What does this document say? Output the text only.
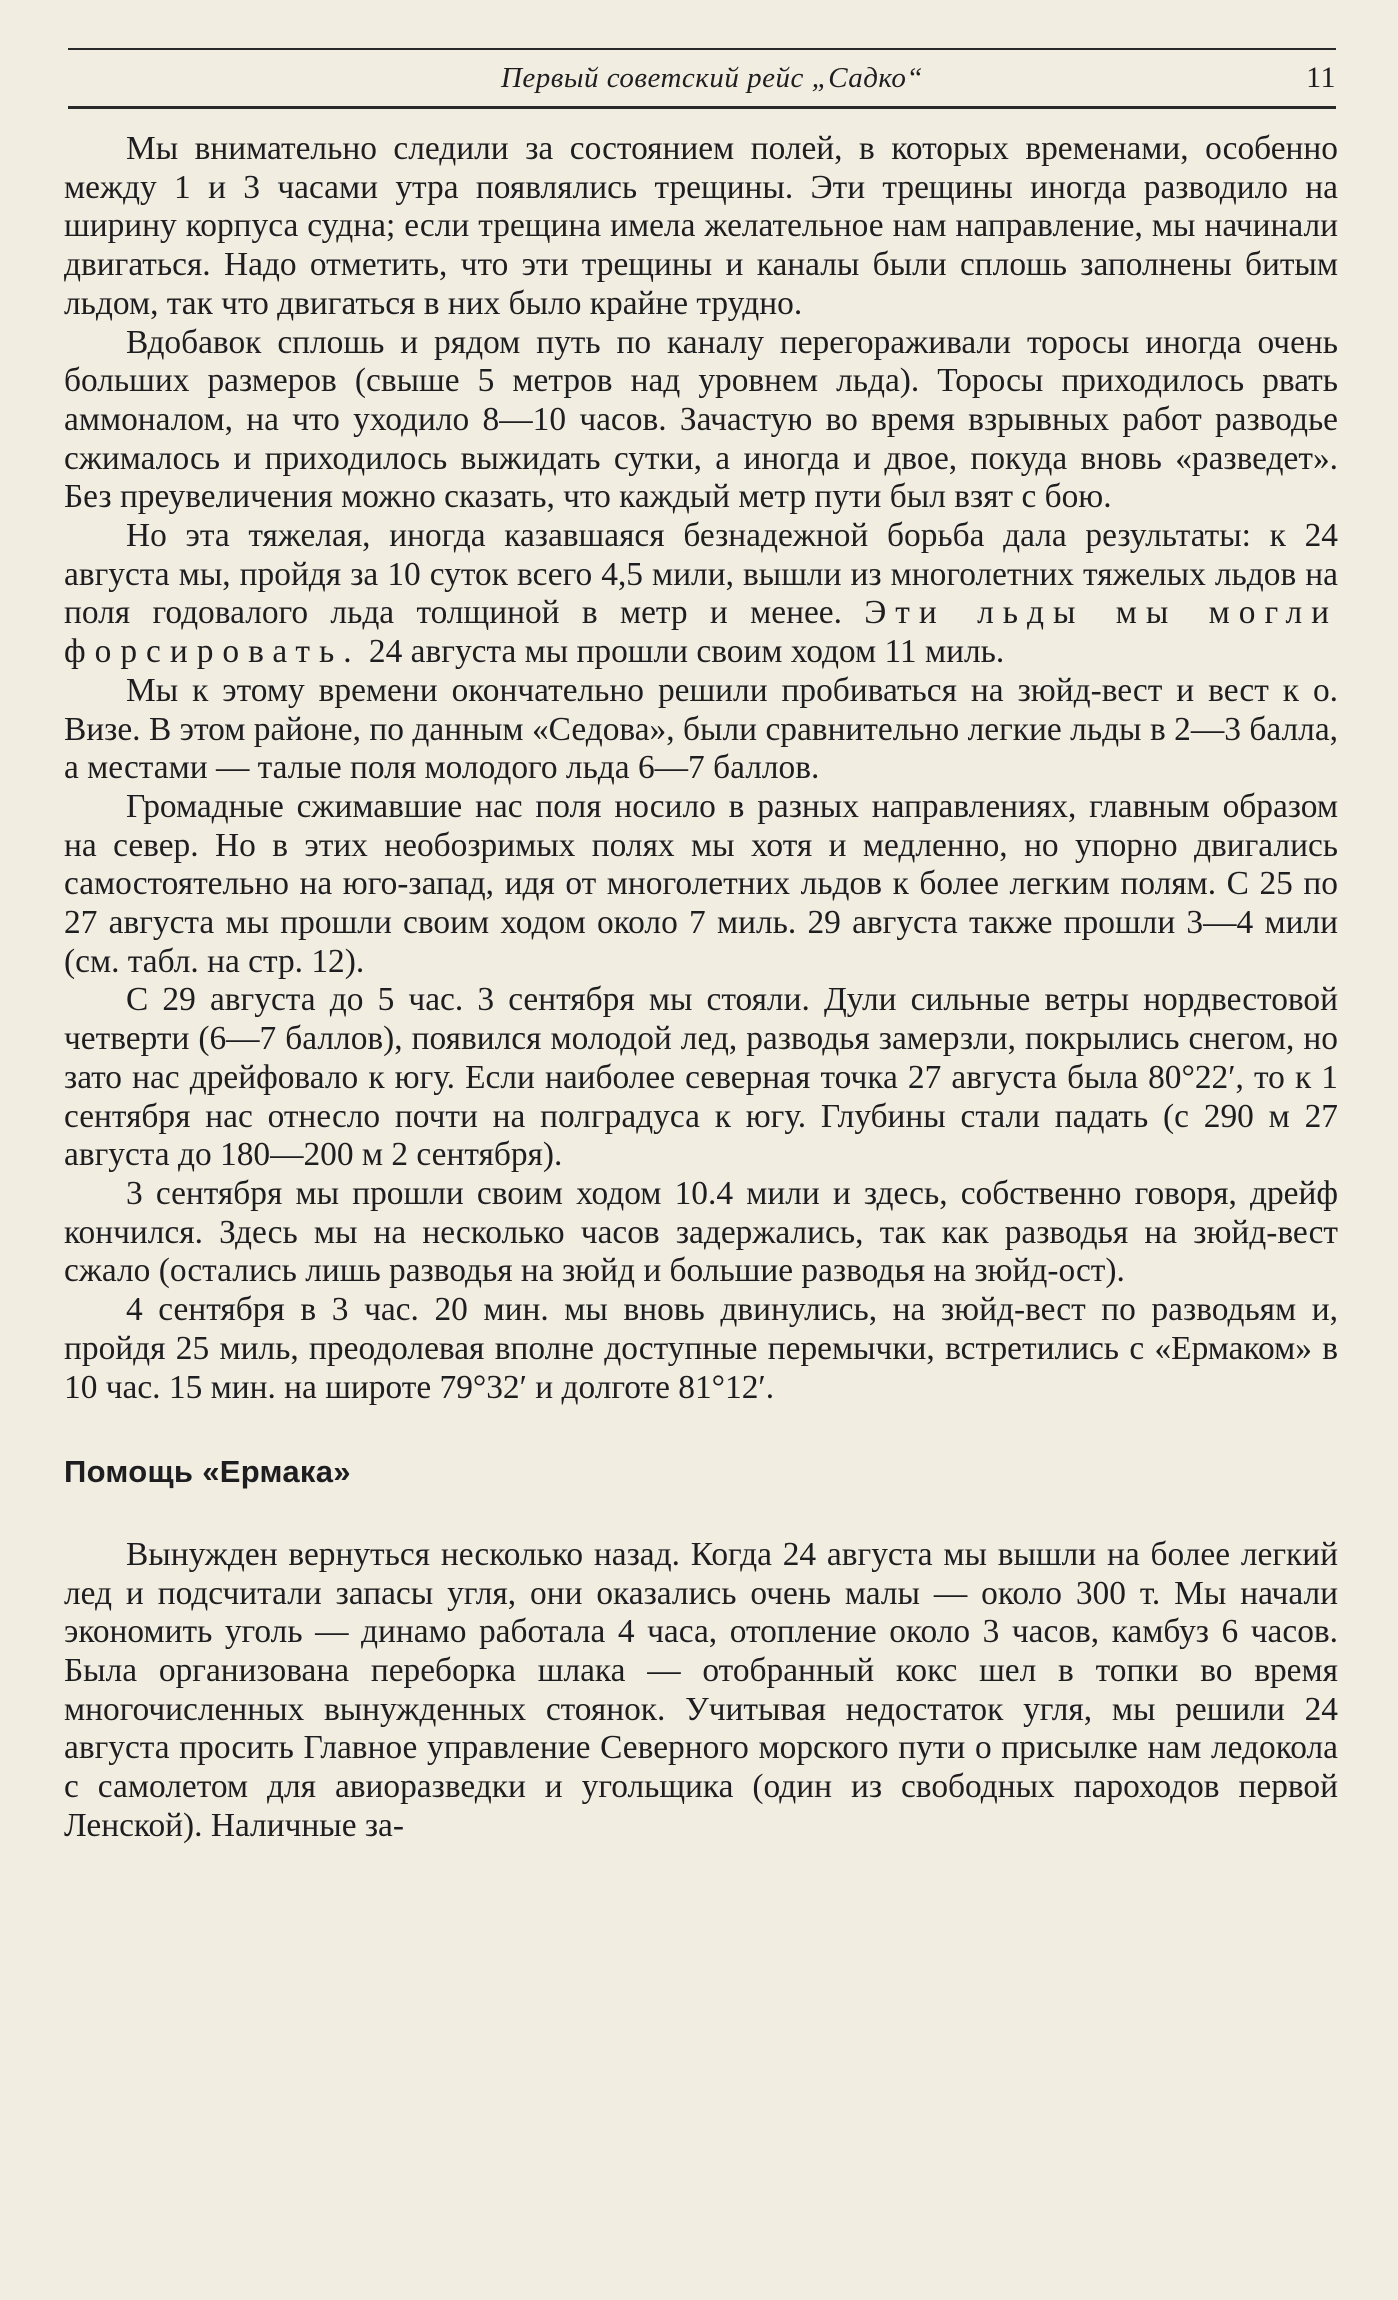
Первый советский рейс „Садко“	11

Мы внимательно следили за состоянием полей, в которых временами, особенно между 1 и 3 часами утра появлялись трещины. Эти трещины иногда разводило на ширину корпуса судна; если трещина имела желательное нам направление, мы начинали двигаться. Надо отметить, что эти трещины и каналы были сплошь заполнены битым льдом, так что двигаться в них было крайне трудно.

Вдобавок сплошь и рядом путь по каналу перегораживали торосы иногда очень больших размеров (свыше 5 метров над уровнем льда). Торосы приходилось рвать аммоналом, на что уходило 8—10 часов. Зачастую во время взрывных работ разводье сжималось и приходилось выжидать сутки, а иногда и двое, покуда вновь «разведет». Без преувеличения можно сказать, что каждый метр пути был взят с бою.

Но эта тяжелая, иногда казавшаяся безнадежной борьба дала результаты: к 24 августа мы, пройдя за 10 суток всего 4,5 мили, вышли из многолетних тяжелых льдов на поля годовалого льда толщиной в метр и менее. Эти льды мы могли форсировать. 24 августа мы прошли своим ходом 11 миль.

Мы к этому времени окончательно решили пробиваться на зюйд-вест и вест к о. Визе. В этом районе, по данным «Седова», были сравнительно легкие льды в 2—3 балла, а местами — талые поля молодого льда 6—7 баллов.

Громадные сжимавшие нас поля носило в разных направлениях, главным образом на север. Но в этих необозримых полях мы хотя и медленно, но упорно двигались самостоятельно на юго-запад, идя от многолетних льдов к более легким полям. С 25 по 27 августа мы прошли своим ходом около 7 миль. 29 августа также прошли 3—4 мили (см. табл. на стр. 12).

С 29 августа до 5 час. 3 сентября мы стояли. Дули сильные ветры нордвестовой четверти (6—7 баллов), появился молодой лед, разводья замерзли, покрылись снегом, но зато нас дрейфовало к югу. Если наиболее северная точка 27 августа была 80°22′, то к 1 сентября нас отнесло почти на полградуса к югу. Глубины стали падать (с 290 м 27 августа до 180—200 м 2 сентября).

3 сентября мы прошли своим ходом 10.4 мили и здесь, собственно говоря, дрейф кончился. Здесь мы на несколько часов задержались, так как разводья на зюйд-вест сжало (остались лишь разводья на зюйд и большие разводья на зюйд-ост).

4 сентября в 3 час. 20 мин. мы вновь двинулись, на зюйд-вест по разводьям и, пройдя 25 миль, преодолевая вполне доступные перемычки, встретились с «Ермаком» в 10 час. 15 мин. на широте 79°32′ и долготе 81°12′.

Помощь «Ермака»

Вынужден вернуться несколько назад. Когда 24 августа мы вышли на более легкий лед и подсчитали запасы угля, они оказались очень малы — около 300 т. Мы начали экономить уголь — динамо работала 4 часа, отопление около 3 часов, камбуз 6 часов. Была организована переборка шлака — отобранный кокс шел в топки во время многочисленных вынужденных стоянок. Учитывая недостаток угля, мы решили 24 августа просить Главное управление Северного морского пути о присылке нам ледокола с самолетом для авиоразведки и угольщика (один из свободных пароходов первой Ленской). Наличные за-
